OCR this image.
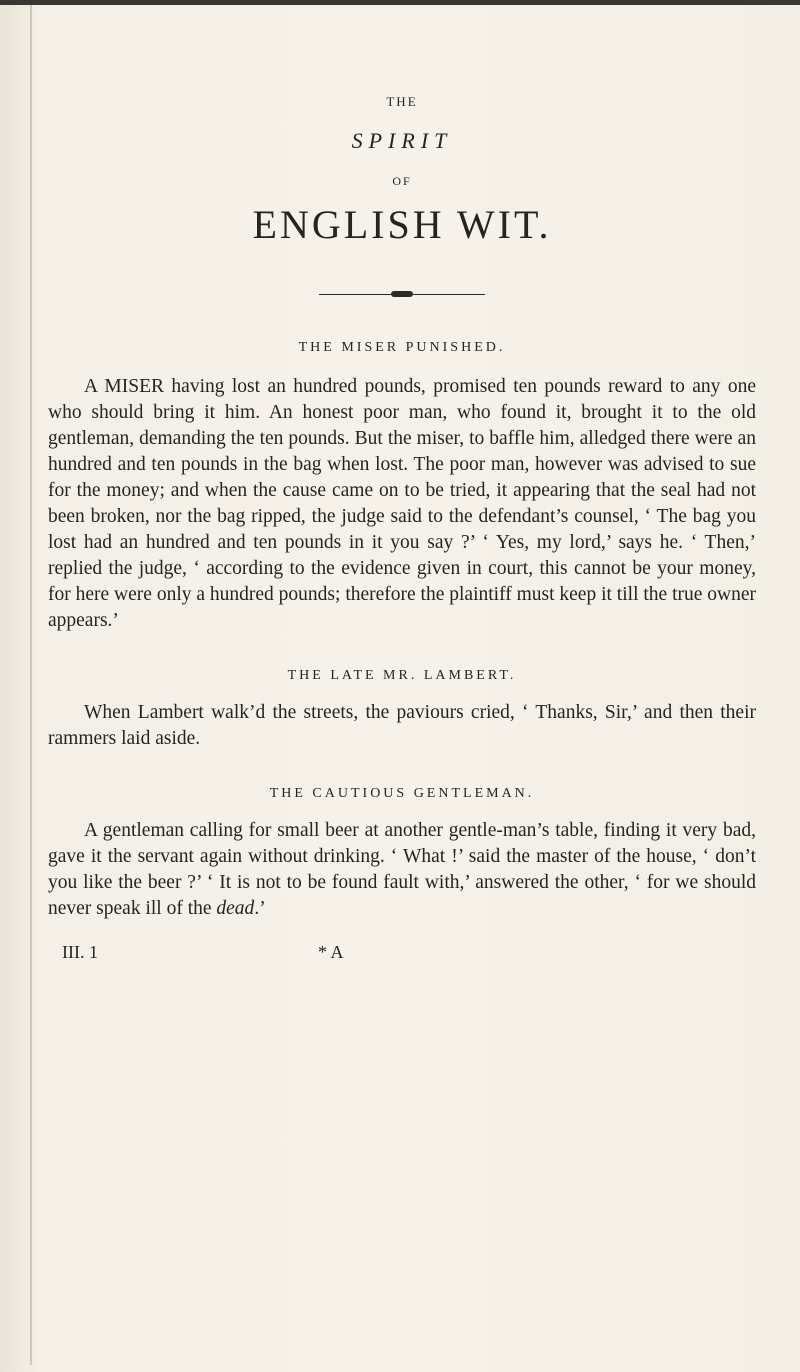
THE
SPIRIT
OF
ENGLISH WIT.
THE MISER PUNISHED.

A MISER having lost an hundred pounds, promised ten pounds reward to any one who should bring it him. An honest poor man, who found it, brought it to the old gentleman, demanding the ten pounds. But the miser, to baffle him, alledged there were an hundred and ten pounds in the bag when lost. The poor man, however was advised to sue for the money; and when the cause came on to be tried, it appearing that the seal had not been broken, nor the bag ripped, the judge said to the defendant’s counsel, ‘ The bag you lost had an hundred and ten pounds in it you say ?’ ‘ Yes, my lord,’ says he. ‘ Then,’ replied the judge, ‘ according to the evidence given in court, this cannot be your money, for here were only a hundred pounds; therefore the plaintiff must keep it till the true owner appears.’

THE LATE MR. LAMBERT.

When Lambert walk’d the streets, the paviours cried, ‘ Thanks, Sir,’ and then their rammers laid aside.

THE CAUTIOUS GENTLEMAN.

A gentleman calling for small beer at another gentle-man’s table, finding it very bad, gave it the servant again without drinking. ‘ What !’ said the master of the house, ‘ don’t you like the beer ?’ ‘ It is not to be found fault with,’ answered the other, ‘ for we should never speak ill of the dead.’

III. 1	* A
